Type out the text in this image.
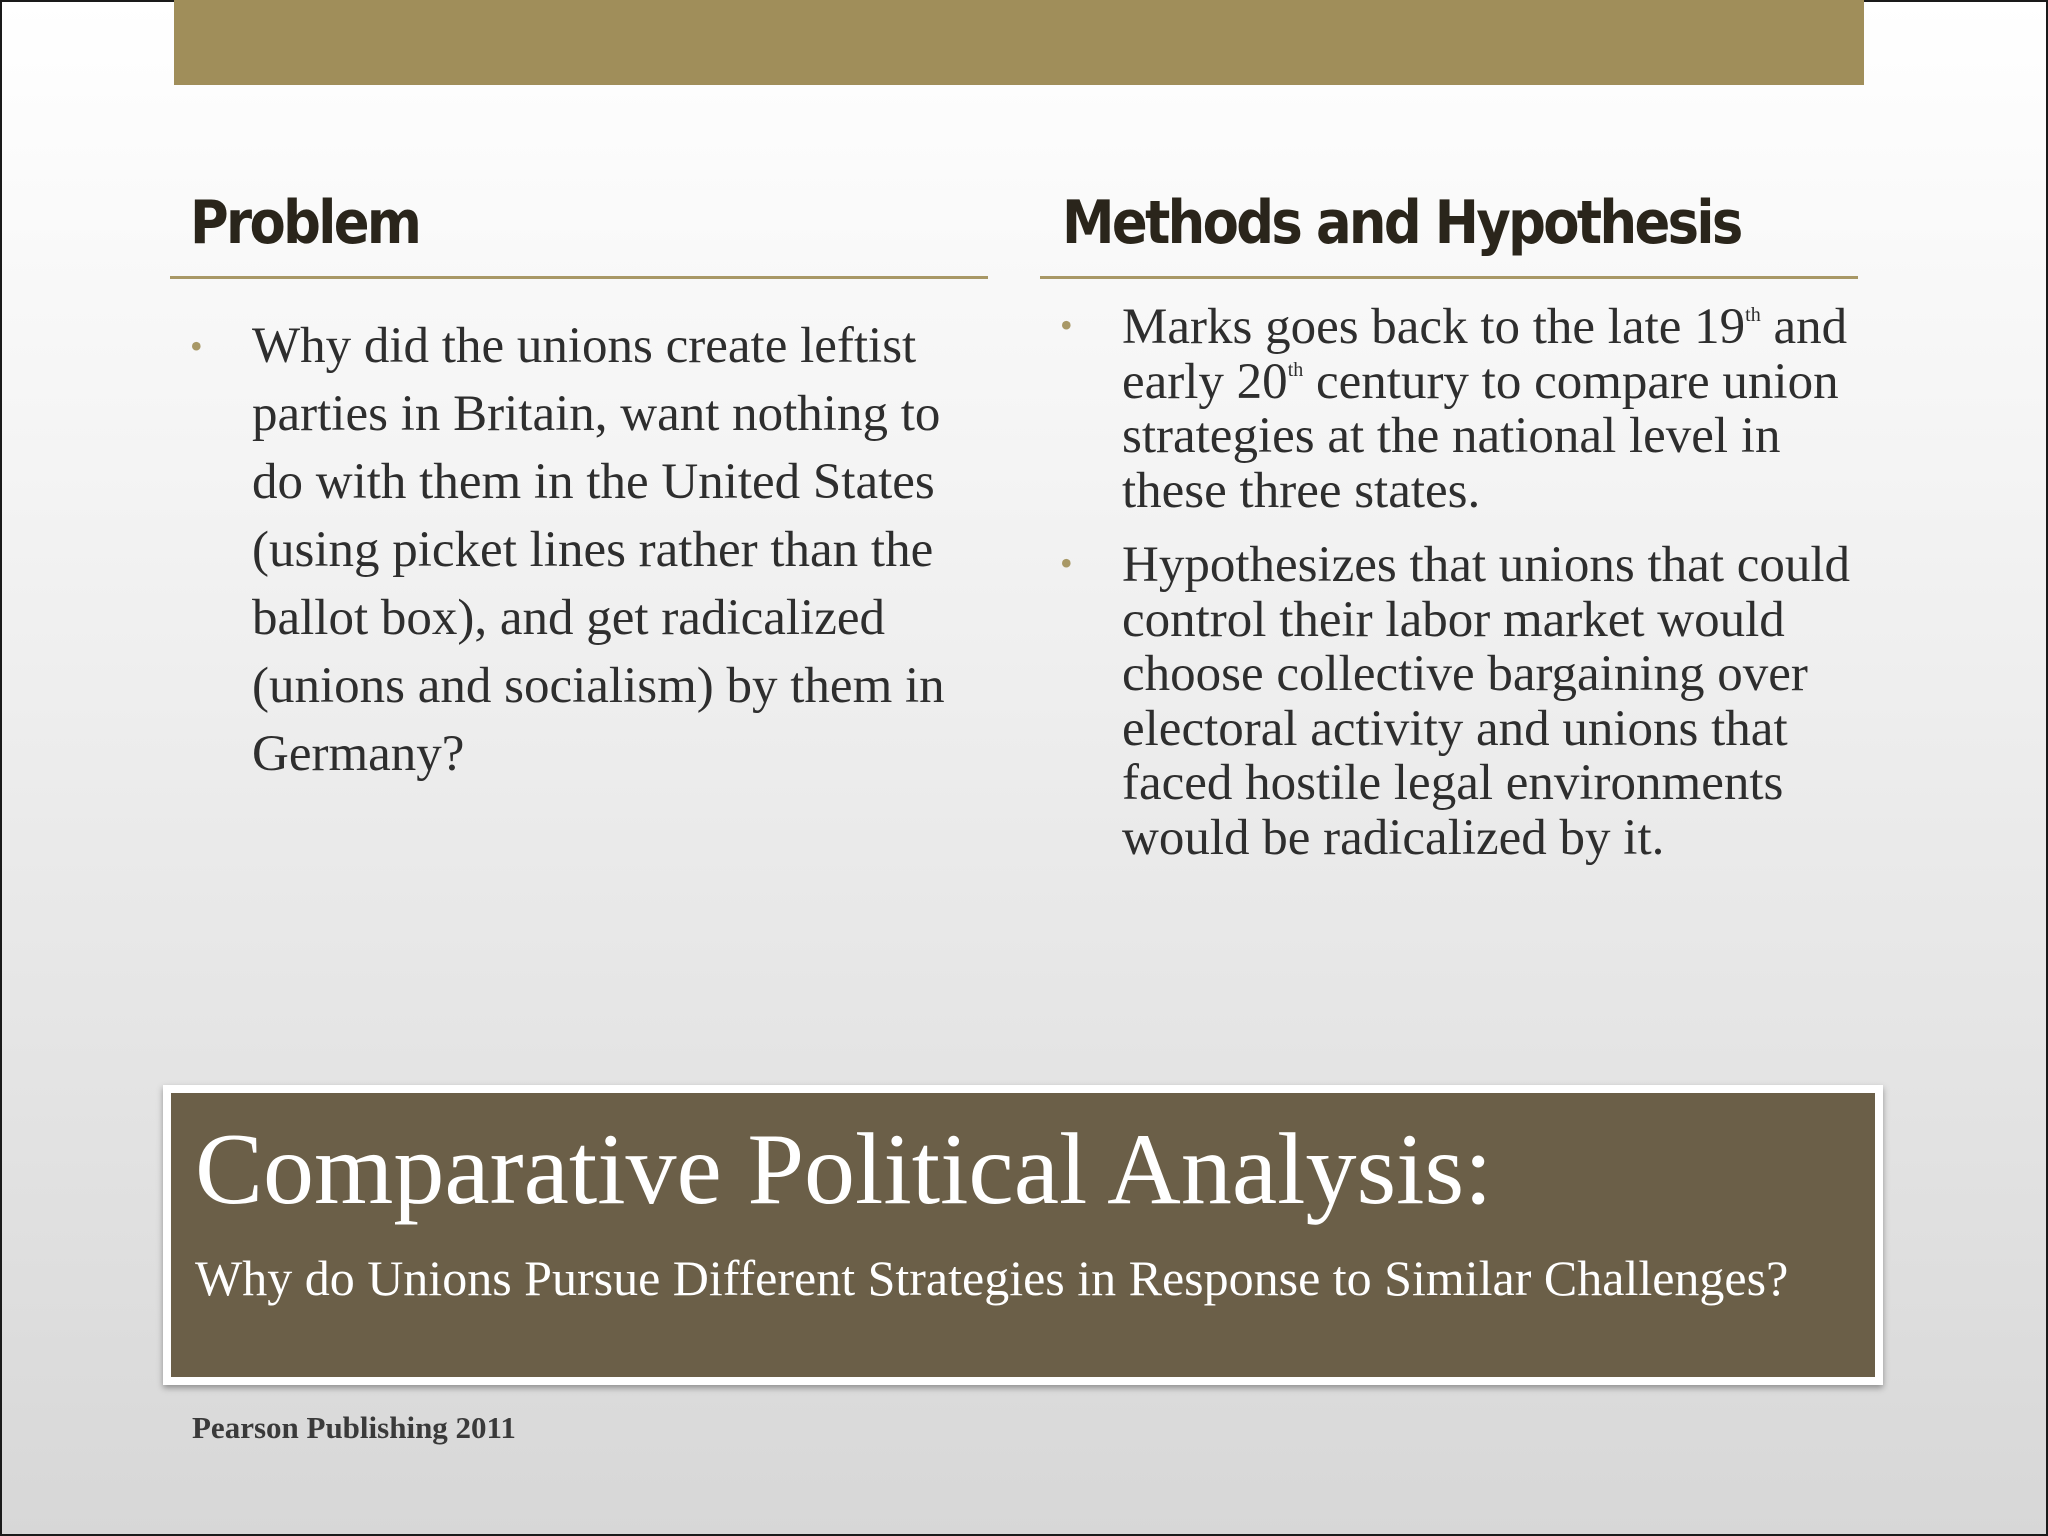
Problem	Methods and Hypothesis
• Why did the unions create leftist parties in Britain, want nothing to do with them in the United States (using picket lines rather than the ballot box), and get radicalized (unions and socialism) by them in Germany?
• Marks goes back to the late 19th and early 20th century to compare union strategies at the national level in these three states.
• Hypothesizes that unions that could control their labor market would choose collective bargaining over electoral activity and unions that faced hostile legal environments would be radicalized by it.
Comparative Political Analysis:
Why do Unions Pursue Different Strategies in Response to Similar Challenges?
Pearson Publishing 2011
